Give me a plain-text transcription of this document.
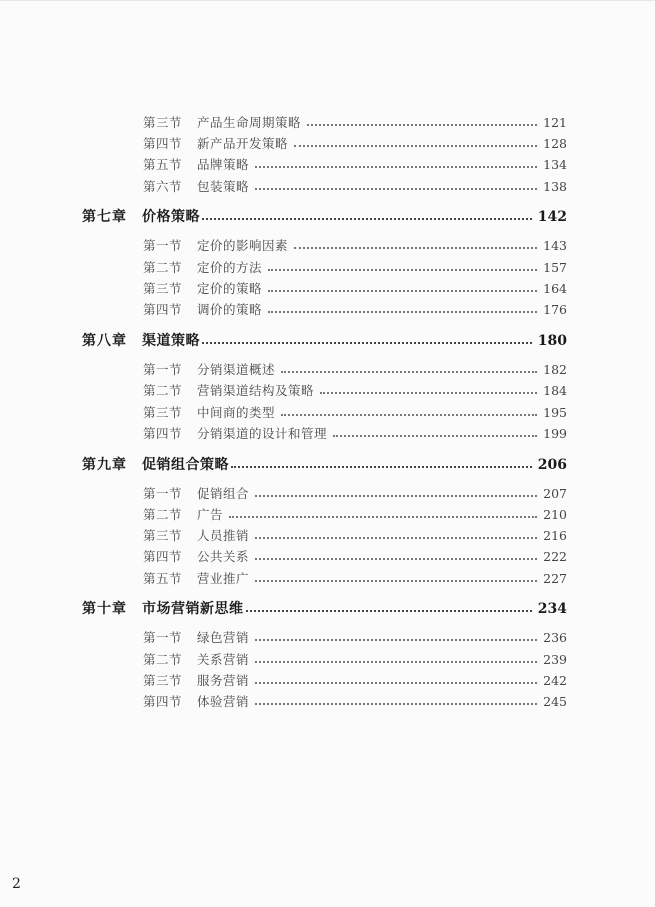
第三节	产品生命周期策略	121
第四节	新产品开发策略	128
第五节	品牌策略	134
第六节	包装策略	138
第七章	价格策略	142
第一节	定价的影响因素	143
第二节	定价的方法	157
第三节	定价的策略	164
第四节	调价的策略	176
第八章	渠道策略	180
第一节	分销渠道概述	182
第二节	营销渠道结构及策略	184
第三节	中间商的类型	195
第四节	分销渠道的设计和管理	199
第九章	促销组合策略	206
第一节	促销组合	207
第二节	广告	210
第三节	人员推销	216
第四节	公共关系	222
第五节	营业推广	227
第十章	市场营销新思维	234
第一节	绿色营销	236
第二节	关系营销	239
第三节	服务营销	242
第四节	体验营销	245
2
